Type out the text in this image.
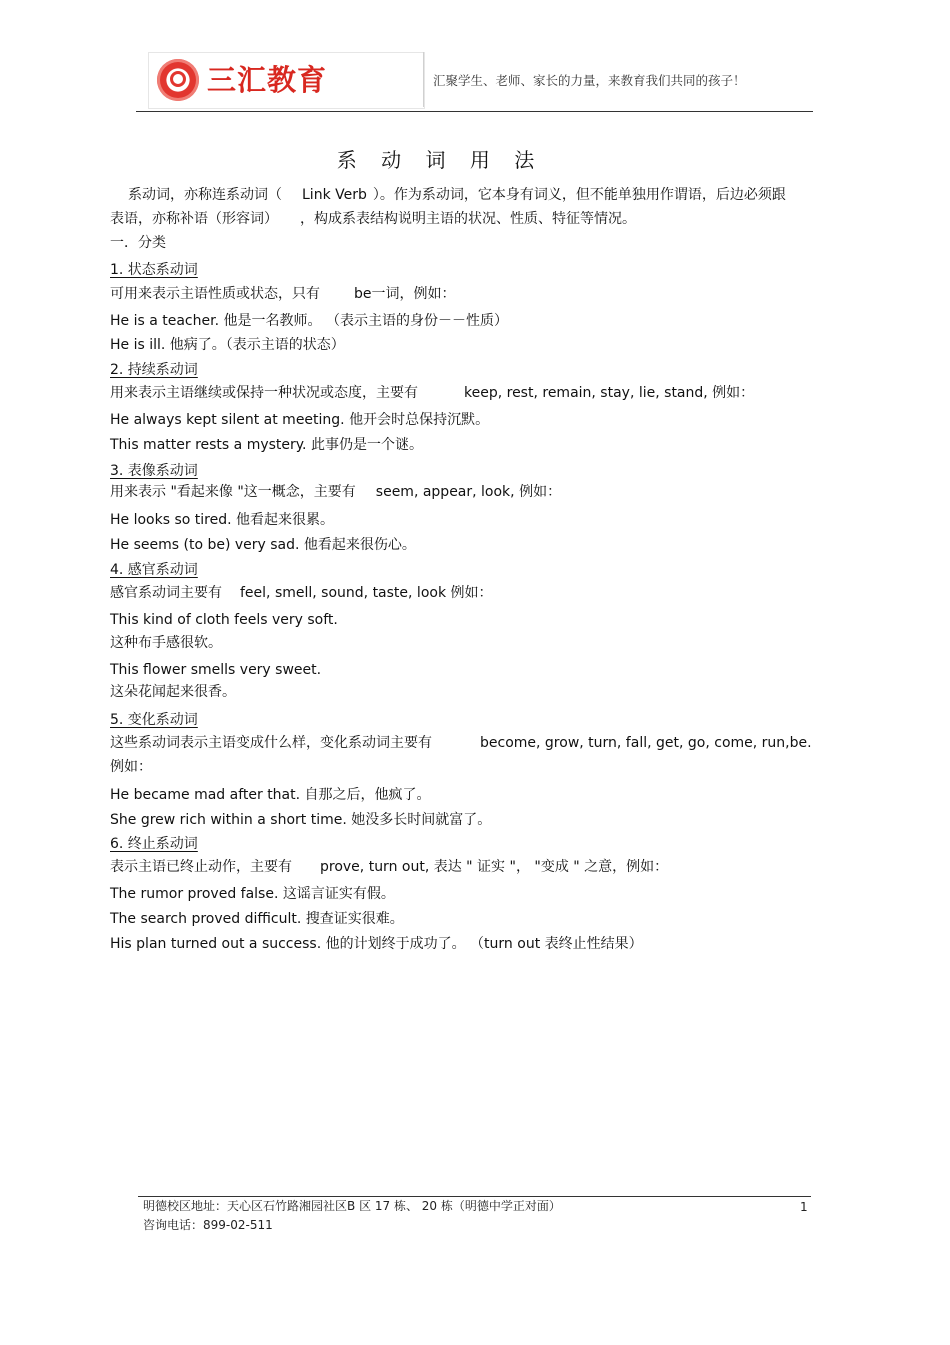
三汇教育	汇聚学生、老师、家长的力量，来教育我们共同的孩子！
系 动 词 用 法
系动词，亦称连系动词（ Link Verb ）。作为系动词，它本身有词义，但不能单独用作谓语，后边必须跟
表语，亦称补语（形容词） ，构成系表结构说明主语的状况、性质、特征等情况。
一．分类
1. 状态系动词
可用来表示主语性质或状态，只有 be一词，例如：
He is a teacher. 他是一名教师。 （表示主语的身份－－性质）
He is ill. 他病了。（表示主语的状态）
2. 持续系动词
用来表示主语继续或保持一种状况或态度，主要有	keep, rest, remain, stay, lie, stand, 例如：
He always kept silent at meeting. 他开会时总保持沉默。
This matter rests a mystery. 此事仍是一个谜。
3. 表像系动词
用来表示 "看起来像 "这一概念，主要有 seem, appear, look, 例如：
He looks so tired. 他看起来很累。
He seems (to be) very sad. 他看起来很伤心。
4. 感官系动词
感官系动词主要有 feel, smell, sound, taste, look 例如：
This kind of cloth feels very soft.
这种布手感很软。
This flower smells very sweet.
这朵花闻起来很香。
5. 变化系动词
这些系动词表示主语变成什么样，变化系动词主要有	become, grow, turn, fall, get, go, come, run,be.
例如：
He became mad after that. 自那之后，他疯了。
She grew rich within a short time. 她没多长时间就富了。
6. 终止系动词
表示主语已终止动作，主要有 prove, turn out, 表达 " 证实 "， "变成 " 之意，例如：
The rumor proved false. 这谣言证实有假。
The search proved difficult. 搜查证实很难。
His plan turned out a success. 他的计划终于成功了。 （turn out 表终止性结果）
明德校区地址：天心区石竹路湘园社区B 区 17 栋、 20 栋（明德中学正对面）	1
咨询电话：899-02-511
